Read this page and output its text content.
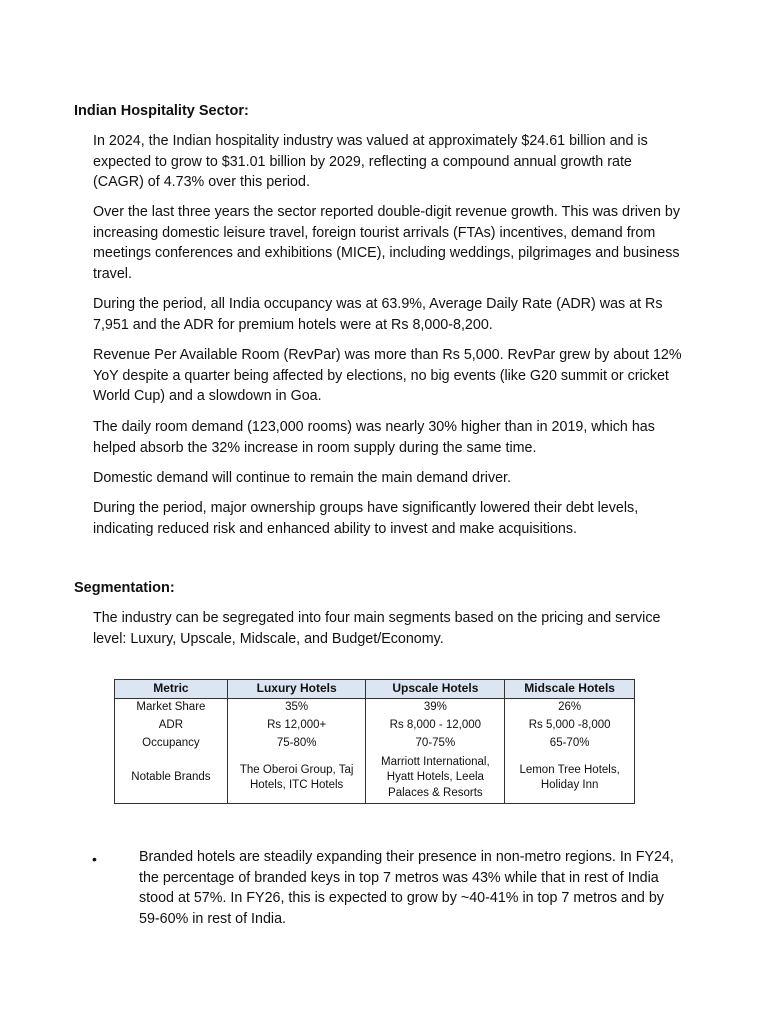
Indian Hospitality Sector:

In 2024, the Indian hospitality industry was valued at approximately $24.61 billion and is expected to grow to $31.01 billion by 2029, reflecting a compound annual growth rate (CAGR) of 4.73% over this period.

Over the last three years the sector reported double-digit revenue growth. This was driven by increasing domestic leisure travel, foreign tourist arrivals (FTAs) incentives, demand from meetings conferences and exhibitions (MICE), including weddings, pilgrimages and business travel.

During the period, all India occupancy was at 63.9%, Average Daily Rate (ADR) was at Rs 7,951 and the ADR for premium hotels were at Rs 8,000-8,200.

Revenue Per Available Room (RevPar) was more than Rs 5,000. RevPar grew by about 12% YoY despite a quarter being affected by elections, no big events (like G20 summit or cricket World Cup) and a slowdown in Goa.

The daily room demand (123,000 rooms) was nearly 30% higher than in 2019, which has helped absorb the 32% increase in room supply during the same time.

Domestic demand will continue to remain the main demand driver.

During the period, major ownership groups have significantly lowered their debt levels, indicating reduced risk and enhanced ability to invest and make acquisitions.

Segmentation:

The industry can be segregated into four main segments based on the pricing and service level: Luxury, Upscale, Midscale, and Budget/Economy.

Metric	Luxury Hotels	Upscale Hotels	Midscale Hotels
Market Share	35%	39%	26%
ADR	Rs 12,000+	Rs 8,000 - 12,000	Rs 5,000 -8,000
Occupancy	75-80%	70-75%	65-70%
Notable Brands	The Oberoi Group, Taj Hotels, ITC Hotels	Marriott International, Hyatt Hotels, Leela Palaces & Resorts	Lemon Tree Hotels, Holiday Inn
•	Branded hotels are steadily expanding their presence in non-metro regions. In FY24, the percentage of branded keys in top 7 metros was 43% while that in rest of India stood at 57%. In FY26, this is expected to grow by ~40-41% in top 7 metros and by 59-60% in rest of India.
